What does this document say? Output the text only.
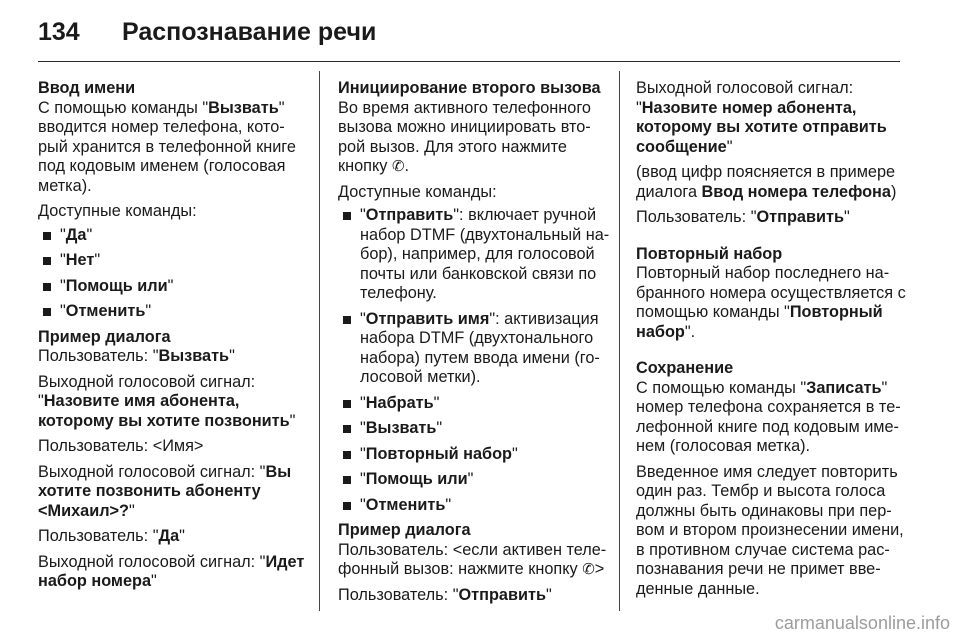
134 Распознавание речи
Ввод имени

С помощью команды "Вызвать" вводится номер телефона, кото-рый хранится в телефонной книге под кодовым именем (голосовая метка).

Доступные команды:

"Да"
"Нет"
"Помощь или"
"Отменить"
Пример диалога

Пользователь: "Вызвать"

Выходной голосовой сигнал:
"Назовите имя абонента, которому вы хотите позвонить"

Пользователь: <Имя>

Выходной голосовой сигнал: "Вы хотите позвонить абоненту <Михаил>?"

Пользователь: "Да"

Выходной голосовой сигнал: "Идет набор номера"

Инициирование второго вызова

Во время активного телефонного вызова можно инициировать вто-рой вызов. Для этого нажмите кнопку ✆.

Доступные команды:

"Отправить": включает ручной набор DTMF (двухтональный на-бор), например, для голосовой почты или банковской связи по телефону.
"Отправить имя": активизация набора DTMF (двухтонального набора) путем ввода имени (го-лосовой метки).
"Набрать"
"Вызвать"
"Повторный набор"
"Помощь или"
"Отменить"
Пример диалога

Пользователь: <если активен теле-фонный вызов: нажмите кнопку ✆>

Пользователь: "Отправить"

Выходной голосовой сигнал:
"Назовите номер абонента, которому вы хотите отправить сообщение"

(ввод цифр поясняется в примере диалога Ввод номера телефона)

Пользователь: "Отправить"

Повторный набор

Повторный набор последнего на-бранного номера осуществляется с помощью команды "Повторный набор".

Сохранение

С помощью команды "Записать" номер телефона сохраняется в те-лефонной книге под кодовым име-нем (голосовая метка).

Введенное имя следует повторить один раз. Тембр и высота голоса должны быть одинаковы при пер-вом и втором произнесении имени, в противном случае система рас-познавания речи не примет вве-денные данные.

carmanualsonline.info
